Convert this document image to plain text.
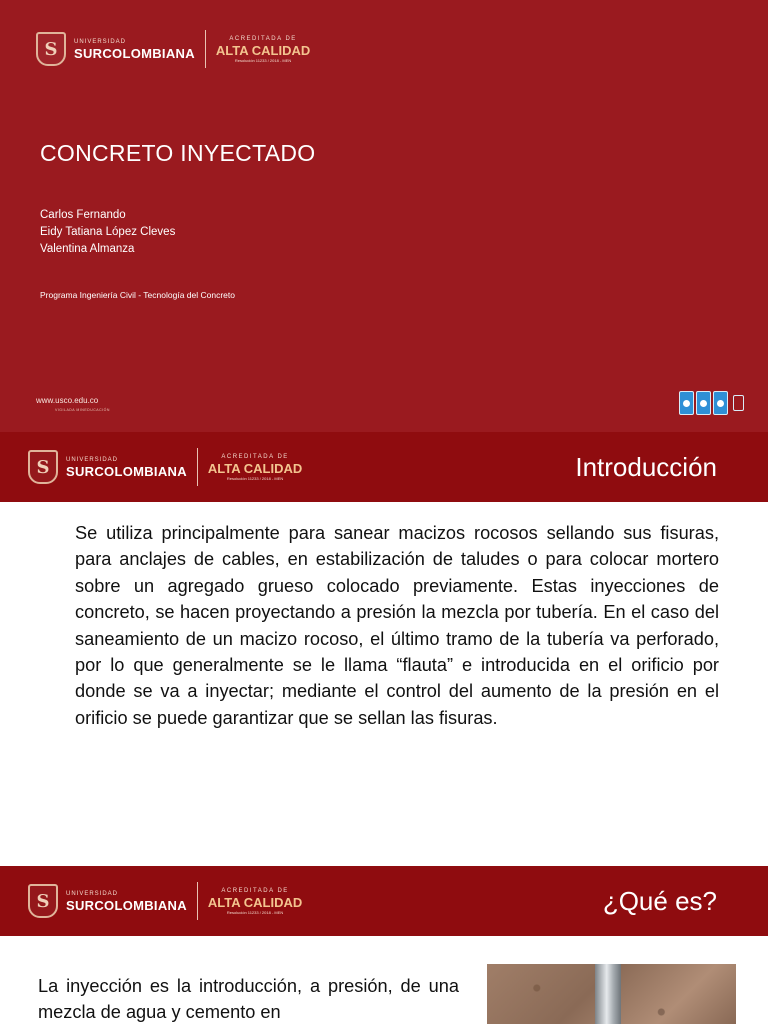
S	UNIVERSIDAD
SURCOLOMBIANA
ACREDITADA DE
ALTA CALIDAD
Resolución 11233 / 2018 - MEN
CONCRETO INYECTADO
Carlos Fernando
Eidy Tatiana López Cleves
Valentina Almanza
Programa Ingeniería Civil - Tecnología del Concreto
www.usco.edu.co
VIGILADA MINEDUCACIÓN
S	UNIVERSIDAD
SURCOLOMBIANA
ACREDITADA DE
ALTA CALIDAD
Resolución 11233 / 2018 - MEN	Introducción
Se utiliza principalmente para sanear macizos rocosos sellando sus fisuras, para anclajes de cables, en estabilización de taludes o para colocar mortero sobre un agregado grueso colocado previamente. Estas inyecciones de concreto, se hacen proyectando a presión la mezcla por tubería. En el caso del saneamiento de un macizo rocoso, el último tramo de la tubería va perforado, por lo que generalmente se le llama “flauta” e introducida en el orificio por donde se va a inyectar; mediante el control del aumento de la presión en el orificio se puede garantizar que se sellan las fisuras.
S	UNIVERSIDAD
SURCOLOMBIANA
ACREDITADA DE
ALTA CALIDAD
Resolución 11233 / 2018 - MEN	¿Qué es?
La inyección es la introducción, a presión, de una mezcla de agua y cemento en
